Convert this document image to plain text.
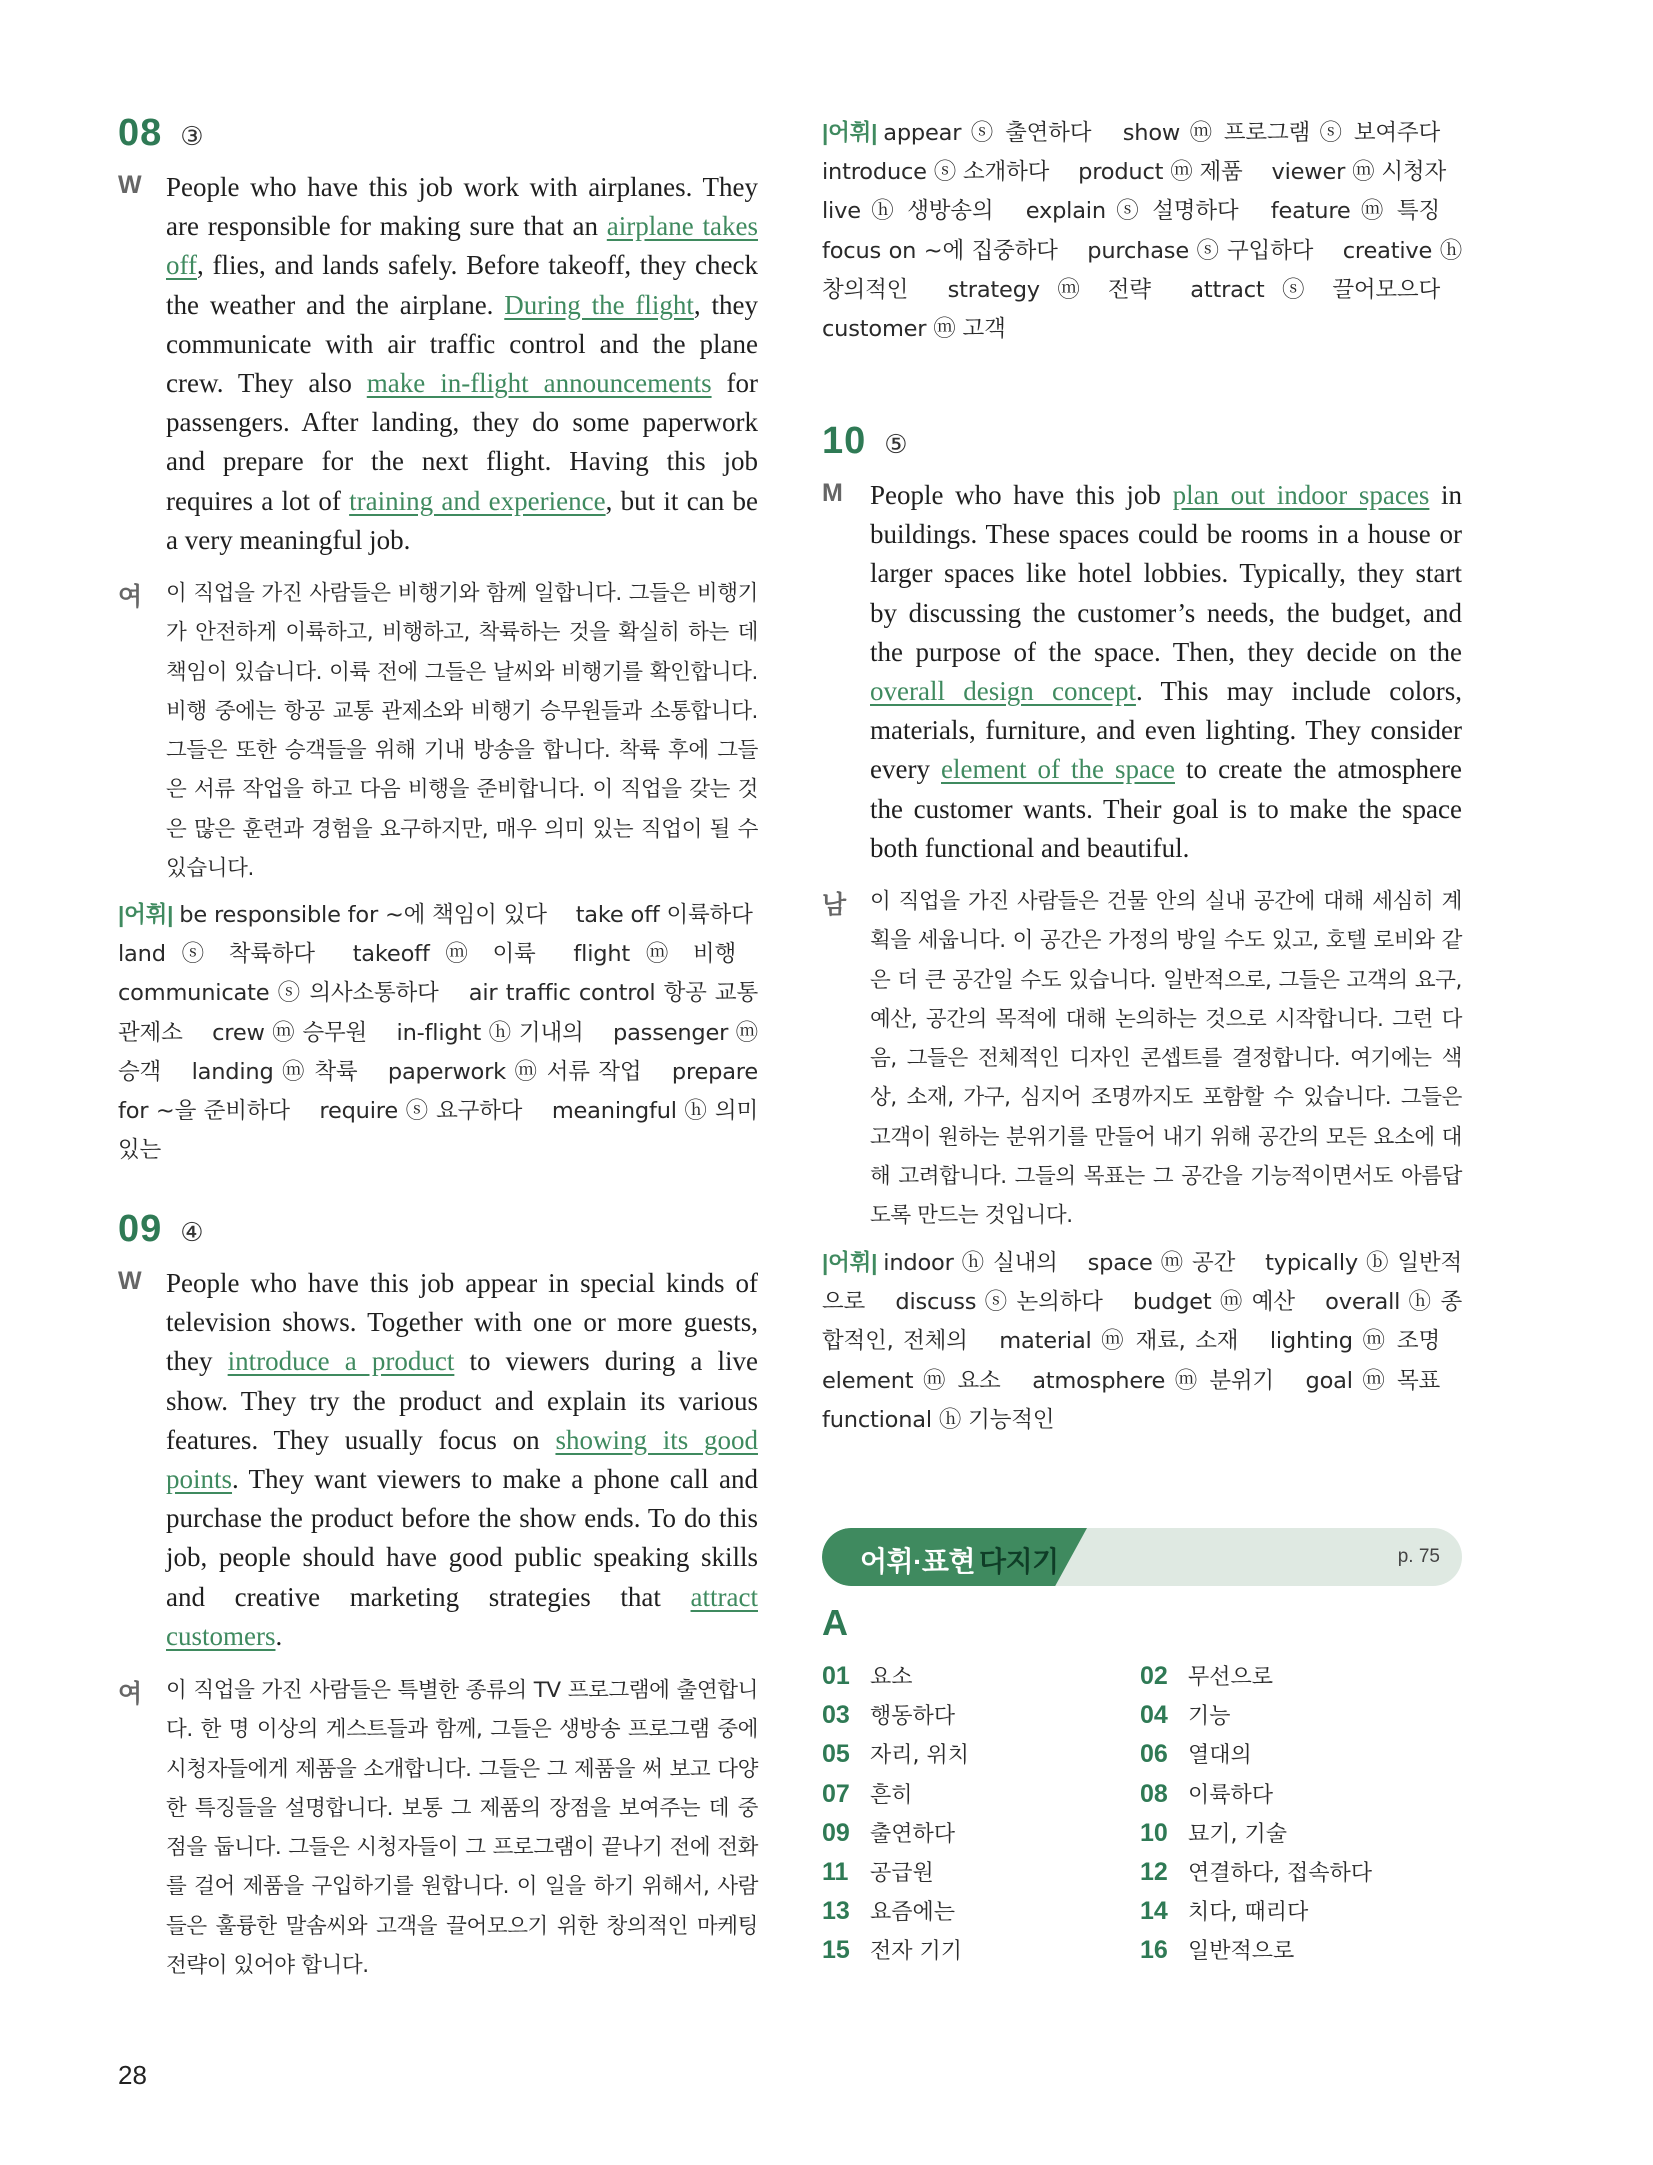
08 ③
W People who have this job work with airplanes. They are responsible for making sure that an airplane takes off, flies, and lands safely. Before takeoff, they check the weather and the airplane. During the flight, they communicate with air traffic control and the plane crew. They also make in-flight announcements for passengers. After landing, they do some paperwork and prepare for the next flight. Having this job requires a lot of training and experience, but it can be a very meaningful job.
여	이 직업을 가진 사람들은 비행기와 함께 일합니다. 그들은 비행기가 안전하게 이륙하고, 비행하고, 착륙하는 것을 확실히 하는 데 책임이 있습니다. 이륙 전에 그들은 날씨와 비행기를 확인합니다. 비행 중에는 항공 교통 관제소와 비행기 승무원들과 소통합니다. 그들은 또한 승객들을 위해 기내 방송을 합니다. 착륙 후에 그들은 서류 작업을 하고 다음 비행을 준비합니다. 이 직업을 갖는 것은 많은 훈련과 경험을 요구하지만, 매우 의미 있는 직업이 될 수 있습니다.
|어휘| be responsible for ~에 책임이 있다 take off 이륙하다 land ⓢ 착륙하다 takeoff ⓜ 이륙 flight ⓜ 비행 communicate ⓢ 의사소통하다 air traffic control 항공 교통 관제소 crew ⓜ 승무원 in-flight ⓗ 기내의 passenger ⓜ 승객 landing ⓜ 착륙 paperwork ⓜ 서류 작업 prepare for ~을 준비하다 require ⓢ 요구하다 meaningful ⓗ 의미 있는
09 ④
W People who have this job appear in special kinds of television shows. Together with one or more guests, they introduce a product to viewers during a live show. They try the product and explain its various features. They usually focus on showing its good points. They want viewers to make a phone call and purchase the product before the show ends. To do this job, people should have good public speaking skills and creative marketing strategies that attract customers.
여	이 직업을 가진 사람들은 특별한 종류의 TV 프로그램에 출연합니다. 한 명 이상의 게스트들과 함께, 그들은 생방송 프로그램 중에 시청자들에게 제품을 소개합니다. 그들은 그 제품을 써 보고 다양한 특징들을 설명합니다. 보통 그 제품의 장점을 보여주는 데 중점을 둡니다. 그들은 시청자들이 그 프로그램이 끝나기 전에 전화를 걸어 제품을 구입하기를 원합니다. 이 일을 하기 위해서, 사람들은 훌륭한 말솜씨와 고객을 끌어모으기 위한 창의적인 마케팅 전략이 있어야 합니다.
|어휘| appear ⓢ 출연하다 show ⓜ 프로그램 ⓢ 보여주다 introduce ⓢ 소개하다 product ⓜ 제품 viewer ⓜ 시청자 live ⓗ 생방송의 explain ⓢ 설명하다 feature ⓜ 특징 focus on ~에 집중하다 purchase ⓢ 구입하다 creative ⓗ 창의적인 strategy ⓜ 전략 attract ⓢ 끌어모으다 customer ⓜ 고객
10 ⑤
M	People who have this job plan out indoor spaces in buildings. These spaces could be rooms in a house or larger spaces like hotel lobbies. Typically, they start by discussing the customer’s needs, the budget, and the purpose of the space. Then, they decide on the overall design concept. This may include colors, materials, furniture, and even lighting. They consider every element of the space to create the atmosphere the customer wants. Their goal is to make the space both functional and beautiful.
남	이 직업을 가진 사람들은 건물 안의 실내 공간에 대해 세심히 계획을 세웁니다. 이 공간은 가정의 방일 수도 있고, 호텔 로비와 같은 더 큰 공간일 수도 있습니다. 일반적으로, 그들은 고객의 요구, 예산, 공간의 목적에 대해 논의하는 것으로 시작합니다. 그런 다음, 그들은 전체적인 디자인 콘셉트를 결정합니다. 여기에는 색상, 소재, 가구, 심지어 조명까지도 포함할 수 있습니다. 그들은 고객이 원하는 분위기를 만들어 내기 위해 공간의 모든 요소에 대해 고려합니다. 그들의 목표는 그 공간을 기능적이면서도 아름답도록 만드는 것입니다.
|어휘| indoor ⓗ 실내의 space ⓜ 공간 typically ⓑ 일반적으로 discuss ⓢ 논의하다 budget ⓜ 예산 overall ⓗ 종합적인, 전체의 material ⓜ 재료, 소재 lighting ⓜ 조명 element ⓜ 요소 atmosphere ⓜ 분위기 goal ⓜ 목표 functional ⓗ 기능적인
어휘·표현 다지기	p. 75
A
01 요소	02 무선으로
03 행동하다	04 기능
05 자리, 위치	06 열대의
07 흔히	08 이륙하다
09 출연하다	10 묘기, 기술
11 공급원	12 연결하다, 접속하다
13 요즘에는	14 치다, 때리다
15 전자 기기	16 일반적으로
28
